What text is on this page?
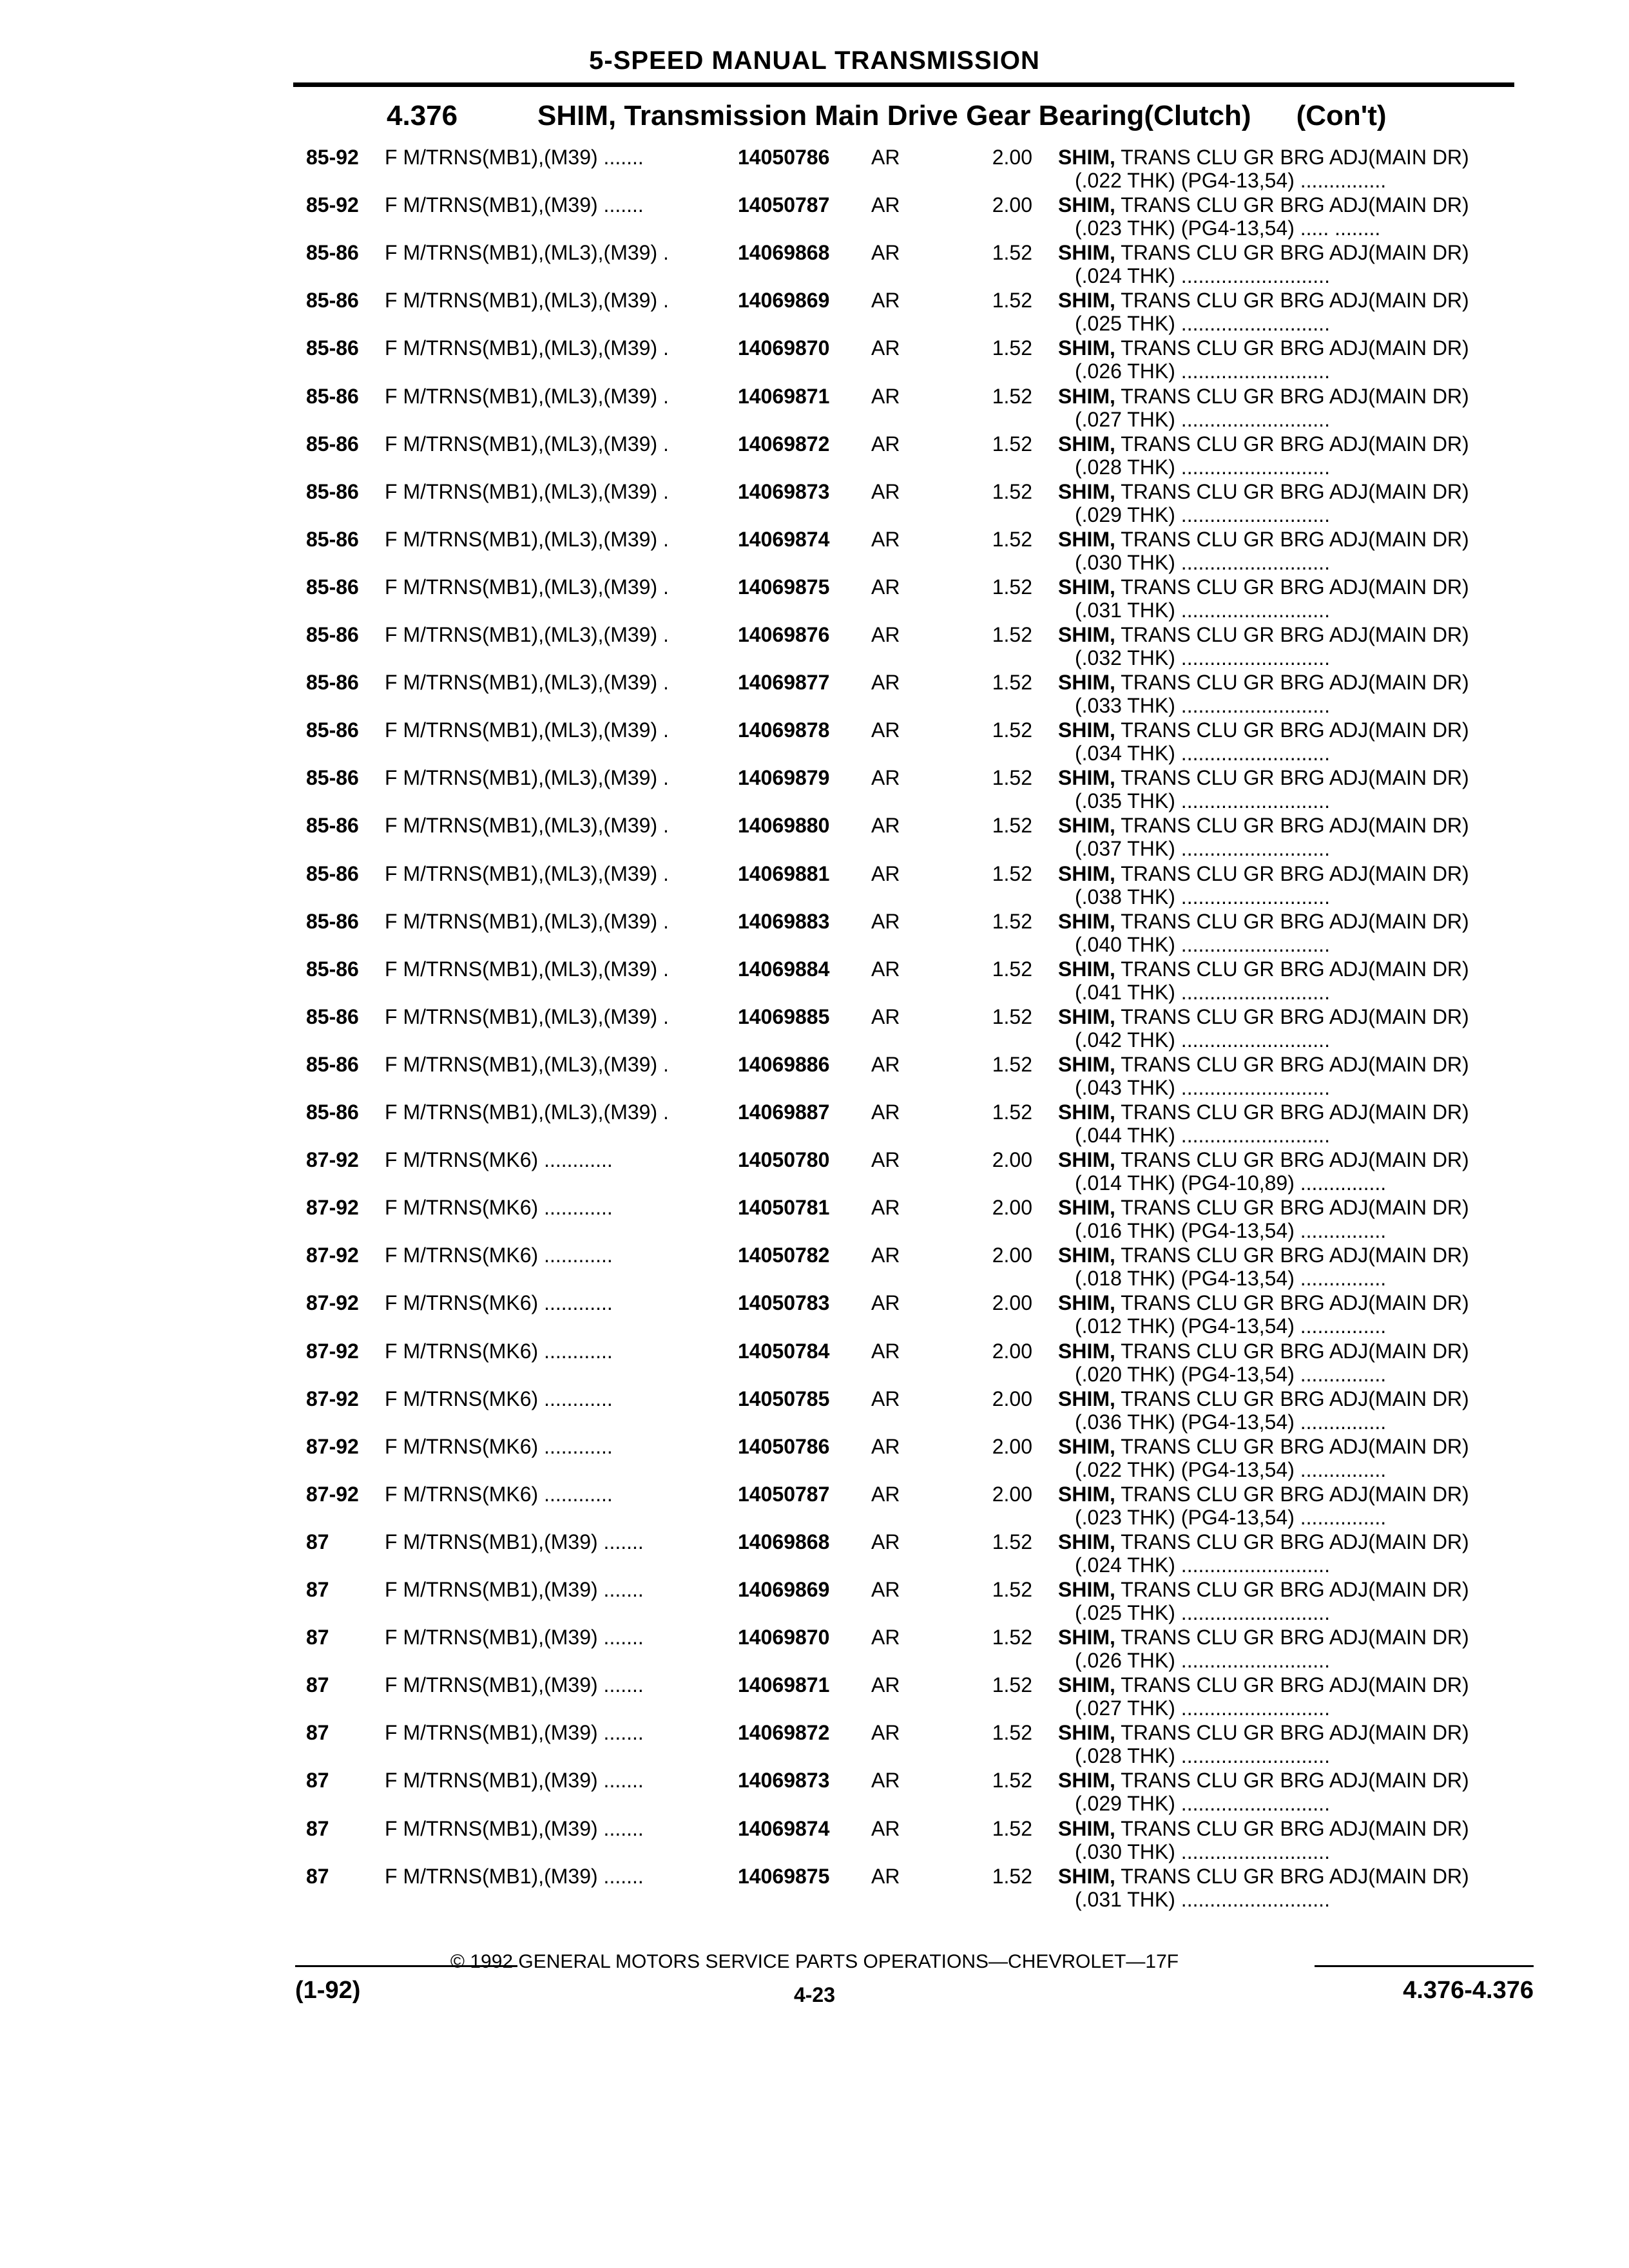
5-SPEED MANUAL TRANSMISSION
4.376	SHIM, Transmission Main Drive Gear Bearing(Clutch) (Con't)
85-92 F M/TRNS(MB1),(M39) .......	14050786 AR	2.00 SHIM, TRANS CLU GR BRG ADJ(MAIN DR)
(.022 THK) (PG4-13,54) ...............
85-92 F M/TRNS(MB1),(M39) .......	14050787 AR	2.00 SHIM, TRANS CLU GR BRG ADJ(MAIN DR)
(.023 THK) (PG4-13,54) ..... ........
85-86 F M/TRNS(MB1),(ML3),(M39) .	14069868 AR	1.52 SHIM, TRANS CLU GR BRG ADJ(MAIN DR)
(.024 THK) ..........................
85-86 F M/TRNS(MB1),(ML3),(M39) .	14069869 AR	1.52 SHIM, TRANS CLU GR BRG ADJ(MAIN DR)
(.025 THK) ..........................
85-86 F M/TRNS(MB1),(ML3),(M39) .	14069870 AR	1.52 SHIM, TRANS CLU GR BRG ADJ(MAIN DR)
(.026 THK) ..........................
85-86 F M/TRNS(MB1),(ML3),(M39) .	14069871 AR	1.52 SHIM, TRANS CLU GR BRG ADJ(MAIN DR)
(.027 THK) ..........................
85-86 F M/TRNS(MB1),(ML3),(M39) .	14069872 AR	1.52 SHIM, TRANS CLU GR BRG ADJ(MAIN DR)
(.028 THK) ..........................
85-86 F M/TRNS(MB1),(ML3),(M39) .	14069873 AR	1.52 SHIM, TRANS CLU GR BRG ADJ(MAIN DR)
(.029 THK) ..........................
85-86 F M/TRNS(MB1),(ML3),(M39) .	14069874 AR	1.52 SHIM, TRANS CLU GR BRG ADJ(MAIN DR)
(.030 THK) ..........................
85-86 F M/TRNS(MB1),(ML3),(M39) .	14069875 AR	1.52 SHIM, TRANS CLU GR BRG ADJ(MAIN DR)
(.031 THK) ..........................
85-86 F M/TRNS(MB1),(ML3),(M39) .	14069876 AR	1.52 SHIM, TRANS CLU GR BRG ADJ(MAIN DR)
(.032 THK) ..........................
85-86 F M/TRNS(MB1),(ML3),(M39) .	14069877 AR	1.52 SHIM, TRANS CLU GR BRG ADJ(MAIN DR)
(.033 THK) ..........................
85-86 F M/TRNS(MB1),(ML3),(M39) .	14069878 AR	1.52 SHIM, TRANS CLU GR BRG ADJ(MAIN DR)
(.034 THK) ..........................
85-86 F M/TRNS(MB1),(ML3),(M39) .	14069879 AR	1.52 SHIM, TRANS CLU GR BRG ADJ(MAIN DR)
(.035 THK) ..........................
85-86 F M/TRNS(MB1),(ML3),(M39) .	14069880 AR	1.52 SHIM, TRANS CLU GR BRG ADJ(MAIN DR)
(.037 THK) ..........................
85-86 F M/TRNS(MB1),(ML3),(M39) .	14069881 AR	1.52 SHIM, TRANS CLU GR BRG ADJ(MAIN DR)
(.038 THK) ..........................
85-86 F M/TRNS(MB1),(ML3),(M39) .	14069883 AR	1.52 SHIM, TRANS CLU GR BRG ADJ(MAIN DR)
(.040 THK) ..........................
85-86 F M/TRNS(MB1),(ML3),(M39) .	14069884 AR	1.52 SHIM, TRANS CLU GR BRG ADJ(MAIN DR)
(.041 THK) ..........................
85-86 F M/TRNS(MB1),(ML3),(M39) .	14069885 AR	1.52 SHIM, TRANS CLU GR BRG ADJ(MAIN DR)
(.042 THK) ..........................
85-86 F M/TRNS(MB1),(ML3),(M39) .	14069886 AR	1.52 SHIM, TRANS CLU GR BRG ADJ(MAIN DR)
(.043 THK) ..........................
85-86 F M/TRNS(MB1),(ML3),(M39) .	14069887 AR	1.52 SHIM, TRANS CLU GR BRG ADJ(MAIN DR)
(.044 THK) ..........................
87-92 F M/TRNS(MK6) ............	14050780 AR	2.00 SHIM, TRANS CLU GR BRG ADJ(MAIN DR)
(.014 THK) (PG4-10,89) ...............
87-92 F M/TRNS(MK6) ............	14050781 AR	2.00 SHIM, TRANS CLU GR BRG ADJ(MAIN DR)
(.016 THK) (PG4-13,54) ...............
87-92 F M/TRNS(MK6) ............	14050782 AR	2.00 SHIM, TRANS CLU GR BRG ADJ(MAIN DR)
(.018 THK) (PG4-13,54) ...............
87-92 F M/TRNS(MK6) ............	14050783 AR	2.00 SHIM, TRANS CLU GR BRG ADJ(MAIN DR)
(.012 THK) (PG4-13,54) ...............
87-92 F M/TRNS(MK6) ............	14050784 AR	2.00 SHIM, TRANS CLU GR BRG ADJ(MAIN DR)
(.020 THK) (PG4-13,54) ...............
87-92 F M/TRNS(MK6) ............	14050785 AR	2.00 SHIM, TRANS CLU GR BRG ADJ(MAIN DR)
(.036 THK) (PG4-13,54) ...............
87-92 F M/TRNS(MK6) ............	14050786 AR	2.00 SHIM, TRANS CLU GR BRG ADJ(MAIN DR)
(.022 THK) (PG4-13,54) ...............
87-92 F M/TRNS(MK6) ............	14050787 AR	2.00 SHIM, TRANS CLU GR BRG ADJ(MAIN DR)
(.023 THK) (PG4-13,54) ...............
87	F M/TRNS(MB1),(M39) .......	14069868 AR	1.52 SHIM, TRANS CLU GR BRG ADJ(MAIN DR)
(.024 THK) ..........................
87	F M/TRNS(MB1),(M39) .......	14069869 AR	1.52 SHIM, TRANS CLU GR BRG ADJ(MAIN DR)
(.025 THK) ..........................
87	F M/TRNS(MB1),(M39) .......	14069870 AR	1.52 SHIM, TRANS CLU GR BRG ADJ(MAIN DR)
(.026 THK) ..........................
87	F M/TRNS(MB1),(M39) .......	14069871 AR	1.52 SHIM, TRANS CLU GR BRG ADJ(MAIN DR)
(.027 THK) ..........................
87	F M/TRNS(MB1),(M39) .......	14069872 AR	1.52 SHIM, TRANS CLU GR BRG ADJ(MAIN DR)
(.028 THK) ..........................
87	F M/TRNS(MB1),(M39) .......	14069873 AR	1.52 SHIM, TRANS CLU GR BRG ADJ(MAIN DR)
(.029 THK) ..........................
87	F M/TRNS(MB1),(M39) .......	14069874 AR	1.52 SHIM, TRANS CLU GR BRG ADJ(MAIN DR)
(.030 THK) ..........................
87	F M/TRNS(MB1),(M39) .......	14069875 AR	1.52 SHIM, TRANS CLU GR BRG ADJ(MAIN DR)
(.031 THK) ..........................
© 1992 GENERAL MOTORS SERVICE PARTS OPERATIONS—CHEVROLET—17F
(1-92)	4-23	4.376-4.376
